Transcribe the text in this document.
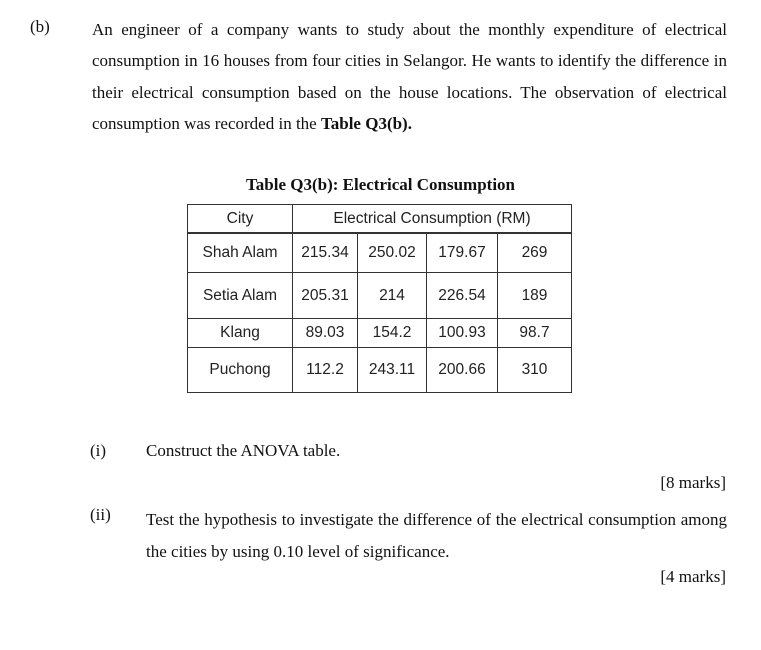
(b) An engineer of a company wants to study about the monthly expenditure of electrical consumption in 16 houses from four cities in Selangor. He wants to identify the difference in their electrical consumption based on the house locations. The observation of electrical consumption was recorded in the Table Q3(b).
Table Q3(b): Electrical Consumption
City	Electrical Consumption (RM)			
Shah Alam	215.34	250.02	179.67	269
Setia Alam	205.31	214	226.54	189
Klang	89.03	154.2	100.93	98.7
Puchong	112.2	243.11	200.66	310
(i) Construct the ANOVA table.
[8 marks]
(ii) Test the hypothesis to investigate the difference of the electrical consumption among the cities by using 0.10 level of significance.
[4 marks]
